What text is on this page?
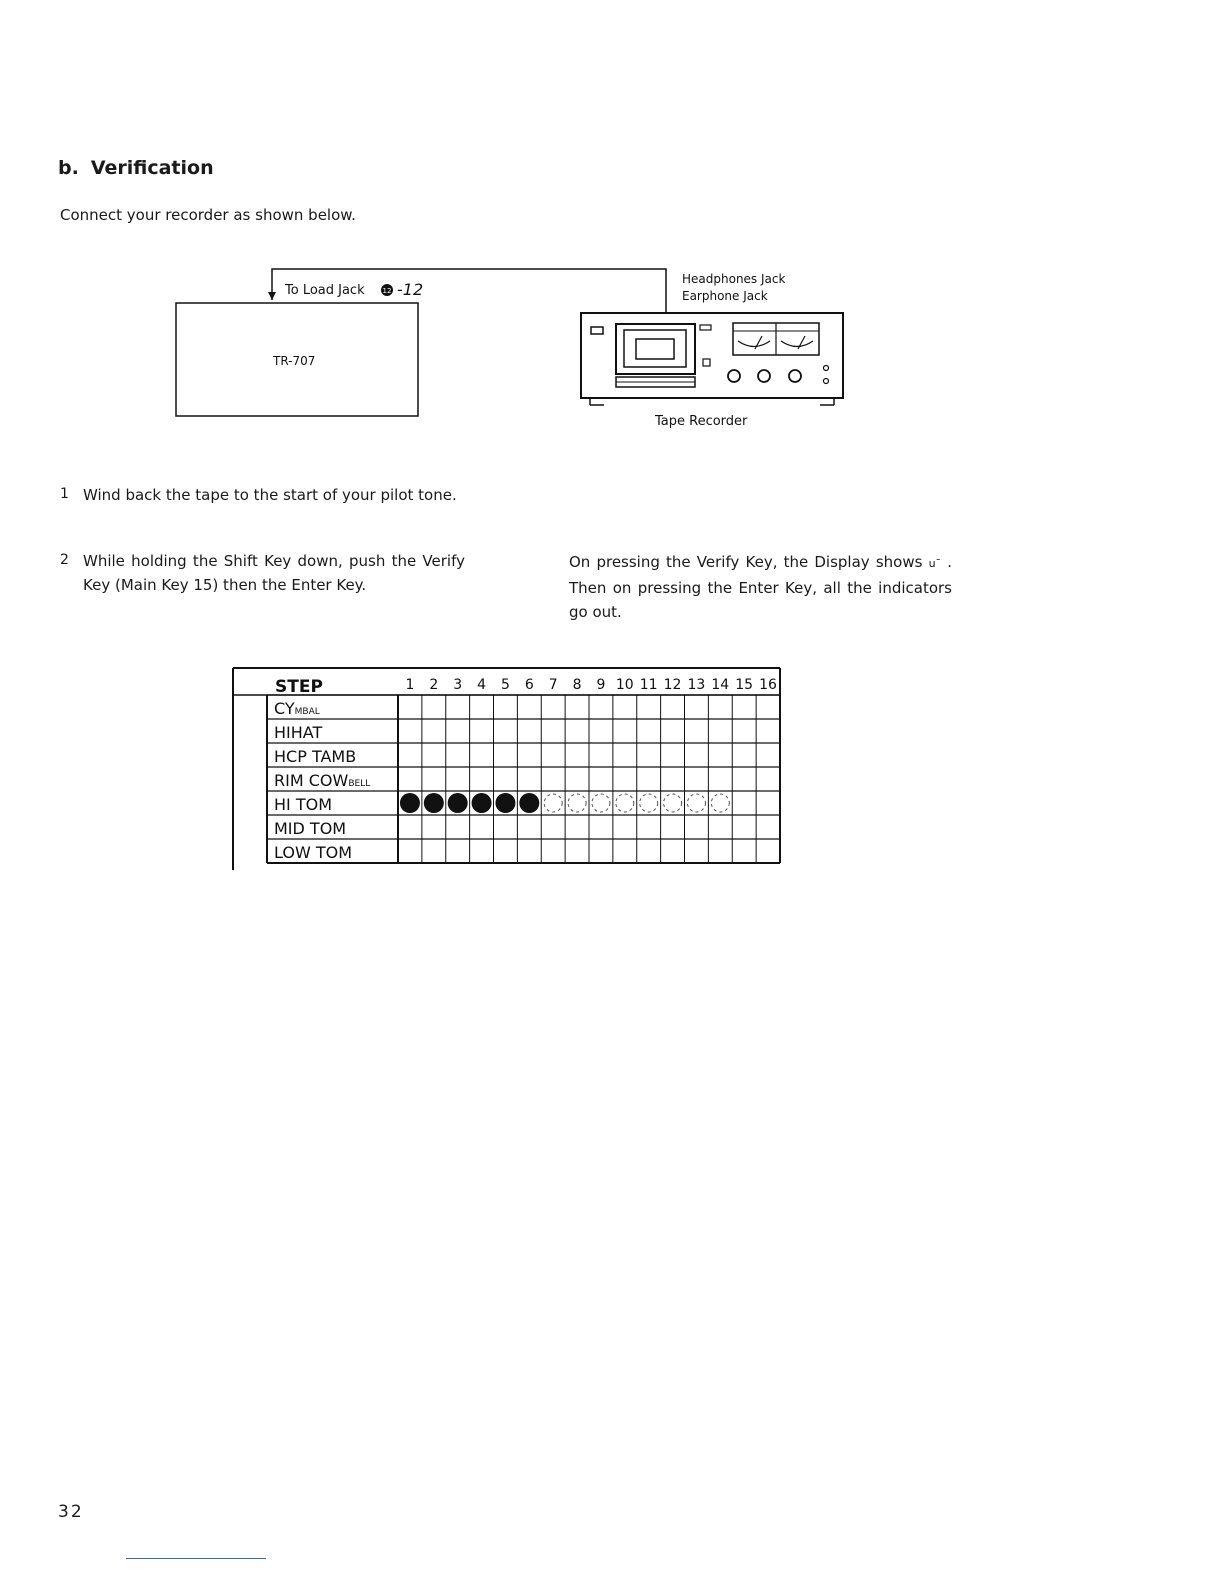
b. Verification
Connect your recorder as shown below.
To Load Jack	12 -12
TR-707
Headphones Jack
Earphone Jack
Tape Recorder
1 Wind back the tape to the start of your pilot tone.
2 While holding the Shift Key down, push the Verify Key (Main Key 15) then the Enter Key.
On pressing the Verify Key, the Display shows uˉ . Then on pressing the Enter Key, all the indicators go out.
STEP
CYMBAL
HIHAT
HCP TAMB
RIM COWBELL
HI TOM
MID TOM
LOW TOM
1 2 3 4 5 6 7 8 9 10 11 12 13 14 15 16
32
